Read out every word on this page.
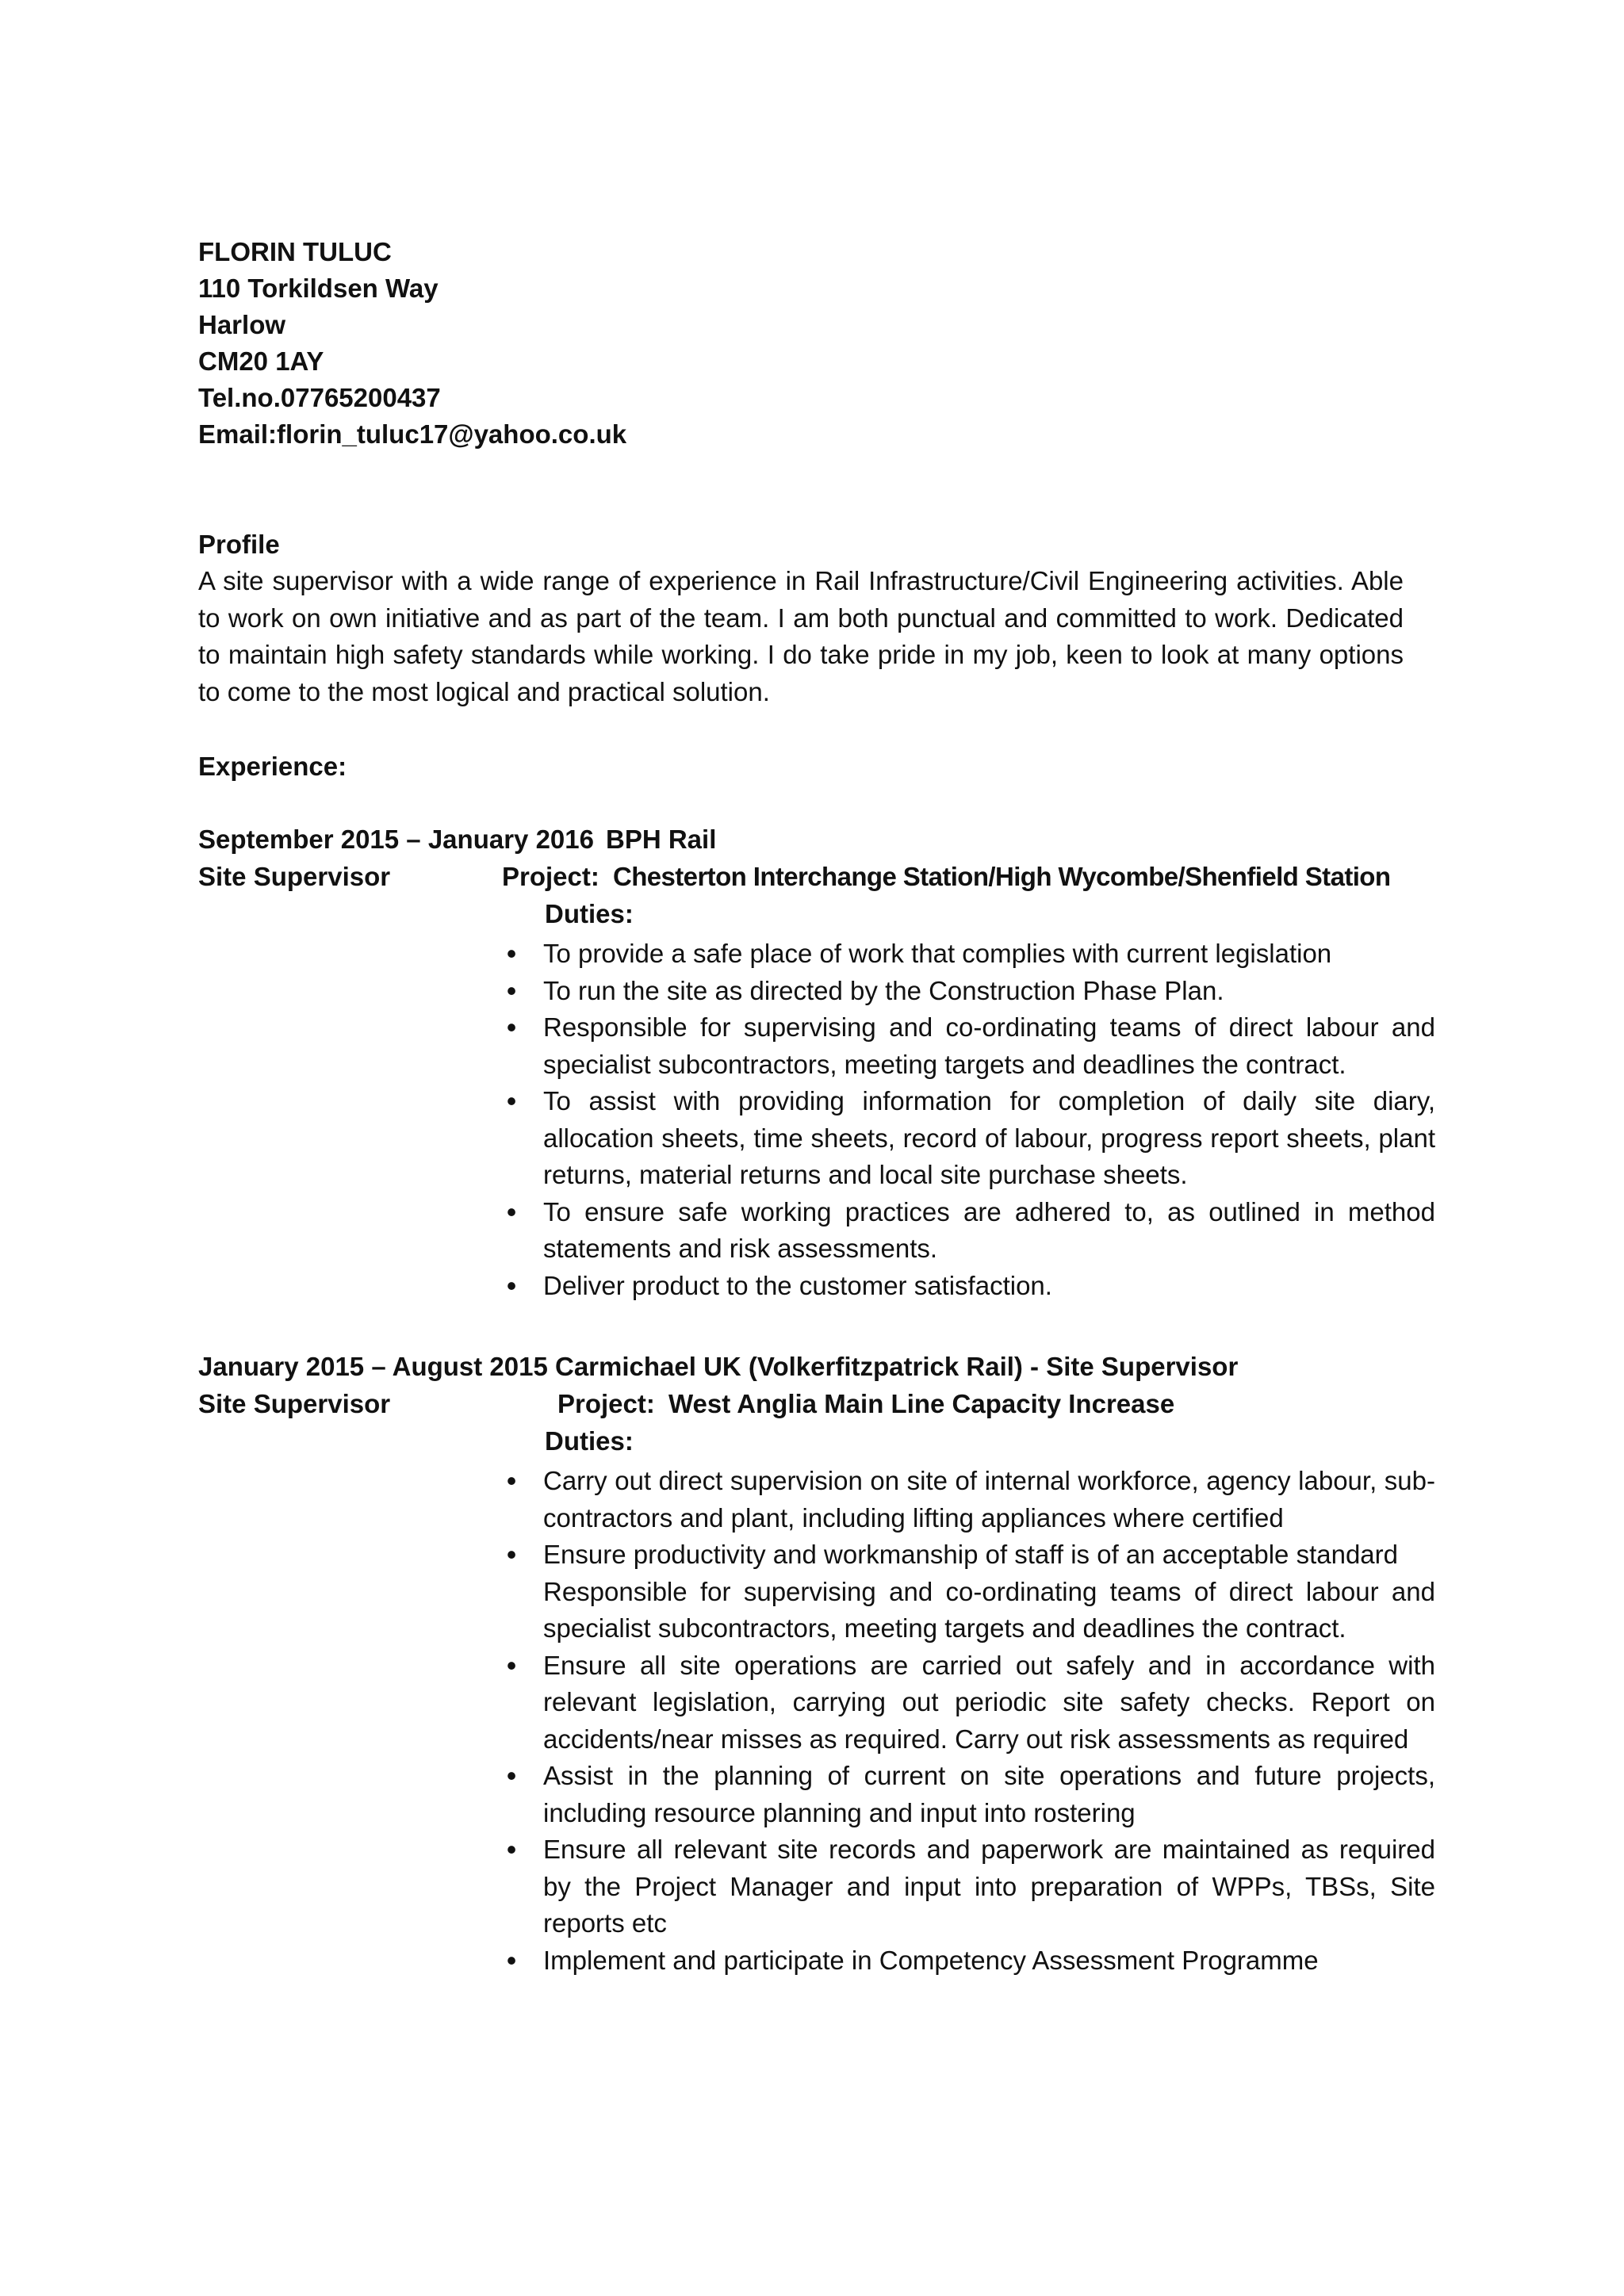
FLORIN TULUC
110 Torkildsen Way
Harlow
CM20 1AY
Tel.no.07765200437
Email:florin_tuluc17@yahoo.co.uk
Profile
A site supervisor with a wide range of experience in Rail Infrastructure/Civil Engineering activities. Able to work on own initiative and as part of the team. I am both punctual and committed to work. Dedicated to maintain high safety standards while working. I do take pride in my job, keen to look at many options to come to the most logical and practical solution.
Experience:
September 2015 – January 2016 BPH Rail
Site Supervisor	Project: Chesterton Interchange Station/High Wycombe/Shenfield Station
Duties:
•
To provide a safe place of work that complies with current legislation
•
To run the site as directed by the Construction Phase Plan.
•
Responsible for supervising and co-ordinating teams of direct labour and specialist subcontractors, meeting targets and deadlines the contract.
•
To assist with providing information for completion of daily site diary, allocation sheets, time sheets, record of labour, progress report sheets, plant returns, material returns and local site purchase sheets.
•
To ensure safe working practices are adhered to, as outlined in method statements and risk assessments.
•
Deliver product to the customer satisfaction.
January 2015 – August 2015 Carmichael UK (Volkerfitzpatrick Rail) - Site Supervisor
Site Supervisor	Project: West Anglia Main Line Capacity Increase
Duties:
•
Carry out direct supervision on site of internal workforce, agency labour, sub-contractors and plant, including lifting appliances where certified
•
Ensure productivity and workmanship of staff is of an acceptable standard
Responsible for supervising and co-ordinating teams of direct labour and specialist subcontractors, meeting targets and deadlines the contract.
•
Ensure all site operations are carried out safely and in accordance with relevant legislation, carrying out periodic site safety checks. Report on accidents/near misses as required. Carry out risk assessments as required
•
Assist in the planning of current on site operations and future projects, including resource planning and input into rostering
•
Ensure all relevant site records and paperwork are maintained as required by the Project Manager and input into preparation of WPPs, TBSs, Site reports etc
•
Implement and participate in Competency Assessment Programme
